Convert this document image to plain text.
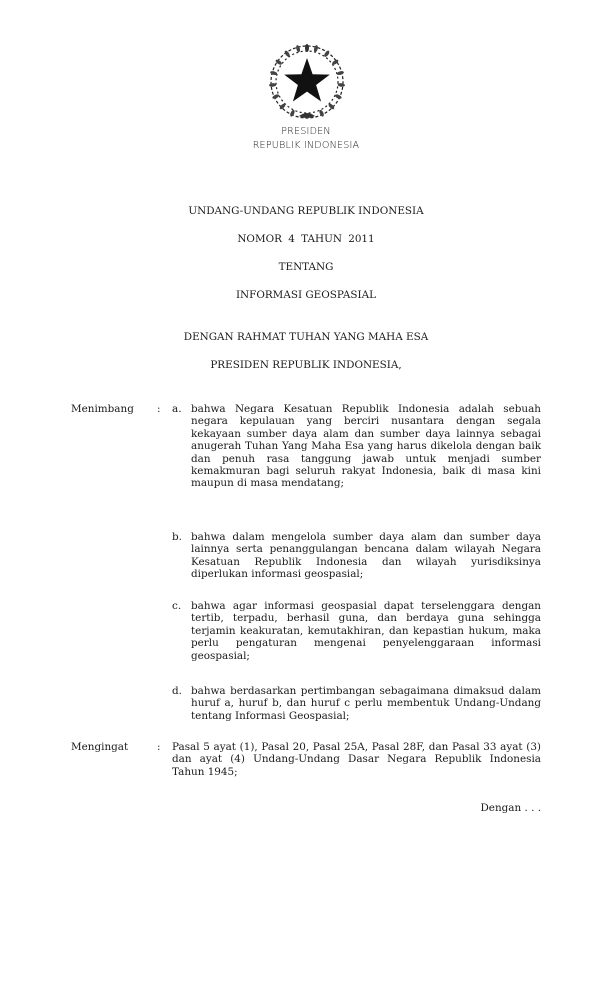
PRESIDEN
REPUBLIK INDONESIA
UNDANG-UNDANG REPUBLIK INDONESIA
NOMOR 4 TAHUN 2011
TENTANG
INFORMASI GEOSPASIAL
DENGAN RAHMAT TUHAN YANG MAHA ESA
PRESIDEN REPUBLIK INDONESIA,
Menimbang : a. bahwa Negara Kesatuan Republik Indonesia adalah sebuah negara kepulauan yang berciri nusantara dengan segala kekayaan sumber daya alam dan sumber daya lainnya sebagai anugerah Tuhan Yang Maha Esa yang harus dikelola dengan baik dan penuh rasa tanggung jawab untuk menjadi sumber kemakmuran bagi seluruh rakyat Indonesia, baik di masa kini maupun di masa mendatang;
b. bahwa dalam mengelola sumber daya alam dan sumber daya lainnya serta penanggulangan bencana dalam wilayah Negara Kesatuan Republik Indonesia dan wilayah yurisdiksinya diperlukan informasi geospasial;
c. bahwa agar informasi geospasial dapat terselenggara dengan tertib, terpadu, berhasil guna, dan berdaya guna sehingga terjamin keakuratan, kemutakhiran, dan kepastian hukum, maka perlu pengaturan mengenai penyelenggaraan informasi geospasial;
d. bahwa berdasarkan pertimbangan sebagaimana dimaksud dalam huruf a, huruf b, dan huruf c perlu membentuk Undang-Undang tentang Informasi Geospasial;
Mengingat	: Pasal 5 ayat (1), Pasal 20, Pasal 25A, Pasal 28F, dan Pasal 33 ayat (3) dan ayat (4) Undang-Undang Dasar Negara Republik Indonesia Tahun 1945;
Dengan . . .
